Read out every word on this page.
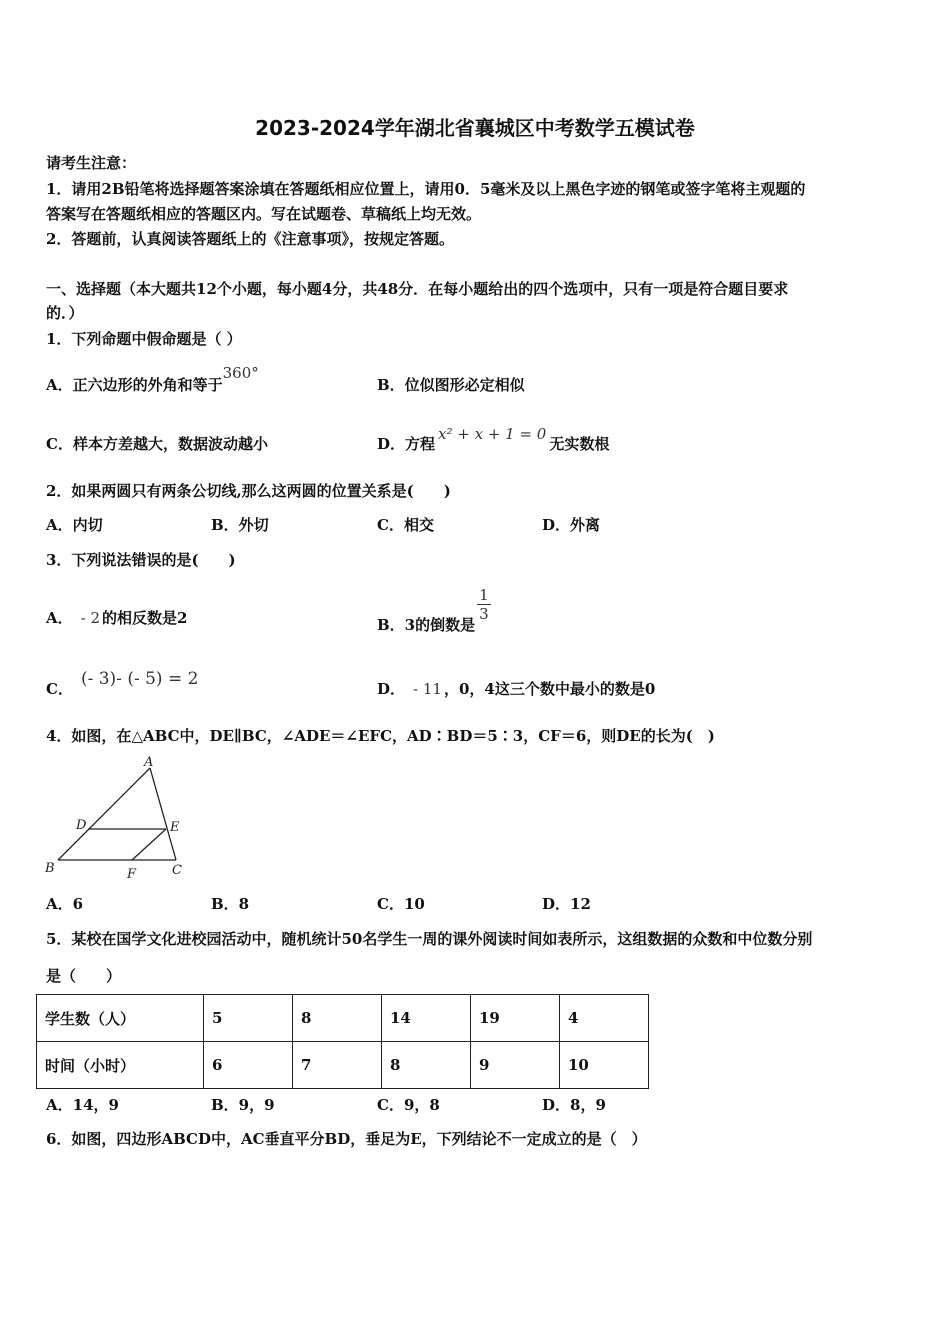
2023-2024学年湖北省襄城区中考数学五模试卷
请考生注意：
1．请用2B铅笔将选择题答案涂填在答题纸相应位置上，请用0．5毫米及以上黑色字迹的钢笔或签字笔将主观题的
答案写在答题纸相应的答题区内。写在试题卷、草稿纸上均无效。
2．答题前，认真阅读答题纸上的《注意事项》，按规定答题。
一、选择题（本大题共12个小题，每小题4分，共48分．在每小题给出的四个选项中，只有一项是符合题目要求
的．）
1．下列命题中假命题是（ ）
A．正六边形的外角和等于360°
B．位似图形必定相似
C．样本方差越大，数据波动越小	D．方程x² + x + 1 = 0无实数根
2．如果两圆只有两条公切线,那么这两圆的位置关系是(　　)
A．内切	B．外切	C．相交	D．外离
3．下列说法错误的是(　　)
A． - 2 的相反数是2	B．3的倒数是
$\frac{1}{3}$
C． (- 3)- (- 5) = 2	D． - 11 ，0，4这三个数中最小的数是0
4．如图，在△ABC中，DE∥BC，∠ADE＝∠EFC，AD∶BD＝5∶3，CF＝6，则DE的长为(　)
A
D	E
B	F	C
A．6	B．8	C．10	D．12
5．某校在国学文化进校园活动中，随机统计50名学生一周的课外阅读时间如表所示，这组数据的众数和中位数分别
是（　　）
学生数（人）	5	8	14	19	4
时间（小时）	6	7	8	9	10
A．14，9	B．9，9	C．9，8	D．8，9
6．如图，四边形ABCD中，AC垂直平分BD，垂足为E，下列结论不一定成立的是（　）
